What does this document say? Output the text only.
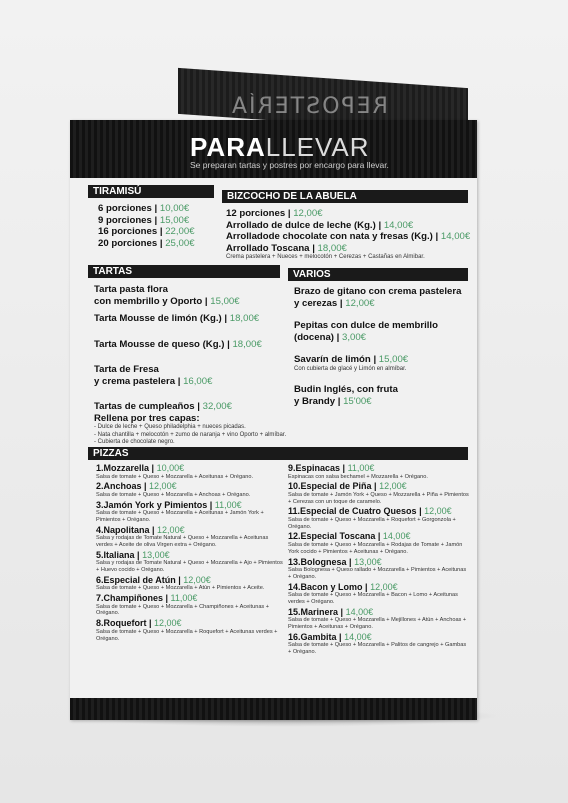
REPOSTERÍA
PARALLEVAR
Se preparan tartas y postres por encargo para llevar.
TIRAMISÚ
6 porciones | 10,00€
9 porciones | 15,00€
16 porciones | 22,00€
20 porciones | 25,00€
BIZCOCHO DE LA ABUELA
12 porciones | 12,00€
Arrollado de dulce de leche (Kg.) | 14,00€
Arrolladode chocolate con nata y fresas (Kg.) | 14,00€
Arrollado Toscana | 18,00€
Crema pastelera + Nueces + melocotón + Cerezas + Castañas en Almibar.
TARTAS
Tarta pasta flora
con membrillo y Oporto | 15,00€
Tarta Mousse de limón (Kg.) | 18,00€
Tarta Mousse de queso (Kg.) | 18,00€
Tarta de Fresa
y crema pastelera | 16,00€
Tartas de cumpleaños | 32,00€
Rellena por tres capas:
- Dulce de leche + Queso philadelphia + nueces picadas.
- Nata chantilla + melocotón + zumo de naranja + vino Oporto + almíbar.
- Cubierta de chocolate negro.
VARIOS
Brazo de gitano con crema pastelera
y cerezas | 12,00€
Pepitas con dulce de membrillo
(docena) | 3,00€
Savarín de limón | 15,00€
Con cubierta de glacé y Limón en almíbar.
Budin Inglés, con fruta
y Brandy | 15'00€
PIZZAS
1.Mozzarella | 10,00€
Salsa de tomate + Queso + Mozzarella + Aceitunas + Orégano.
2.Anchoas | 12,00€
Salsa de tomate + Queso + Mozzarella + Anchoas + Orégano.
3.Jamón York y Pimientos | 11,00€
Salsa de tomate + Queso + Mozzarella + Aceitunas + Jamón York + Pimientos + Orégano.
4.Napolitana | 12,00€
Salsa y rodajas de Tomate Natural + Queso + Mozzarella + Aceitunas verdes + Aceite de oliva Virgen extra + Orégano.
5.Italiana | 13,00€
Salsa y rodajas de Tomate Natural + Queso + Mozzarella + Ajo + Pimientos + Huevo cocido + Orégano.
6.Especial de Atún | 12,00€
Salsa de tomate + Queso + Mozzarella + Atún + Pimientos + Aceite.
7.Champiñones | 11,00€
Salsa de tomate + Queso + Mozzarella + Champiñones + Aceitunas + Orégano.
8.Roquefort | 12,00€
Salsa de tomate + Queso + Mozzarella + Roquefort + Aceitunas verdes + Orégano.
9.Espinacas | 11,00€
Espinacas con salsa bechamel + Mozzarella + Orégano.
10.Especial de Piña | 12,00€
Salsa de tomate + Jamón York + Queso + Mozzarella + Piña + Pimientos + Cerezas con un toque de caramelo.
11.Especial de Cuatro Quesos | 12,00€
Salsa de tomate + Queso + Mozzarella + Roquefort + Gorgonzola + Orégano.
12.Especial Toscana | 14,00€
Salsa de tomate + Queso + Mozzarella + Rodajas de Tomate + Jamón York cocido + Pimientos + Aceitunas + Orégano.
13.Bolognesa | 13,00€
Salsa Bolognesa + Queso rallado + Mozzarella + Pimientos + Aceitunas + Orégano.
14.Bacon y Lomo | 12,00€
Salsa de tomate + Queso + Mozzarella + Bacon + Lomo + Aceitunas verdes + Orégano.
15.Marinera | 14,00€
Salsa de tomate + Queso + Mozzarella + Mejillones + Atún + Anchoas + Pimientos + Aceitunas + Orégano.
16.Gambita | 14,00€
Salsa de tomate + Queso + Mozzarella + Palitos de cangrejo + Gambas + Orégano.
